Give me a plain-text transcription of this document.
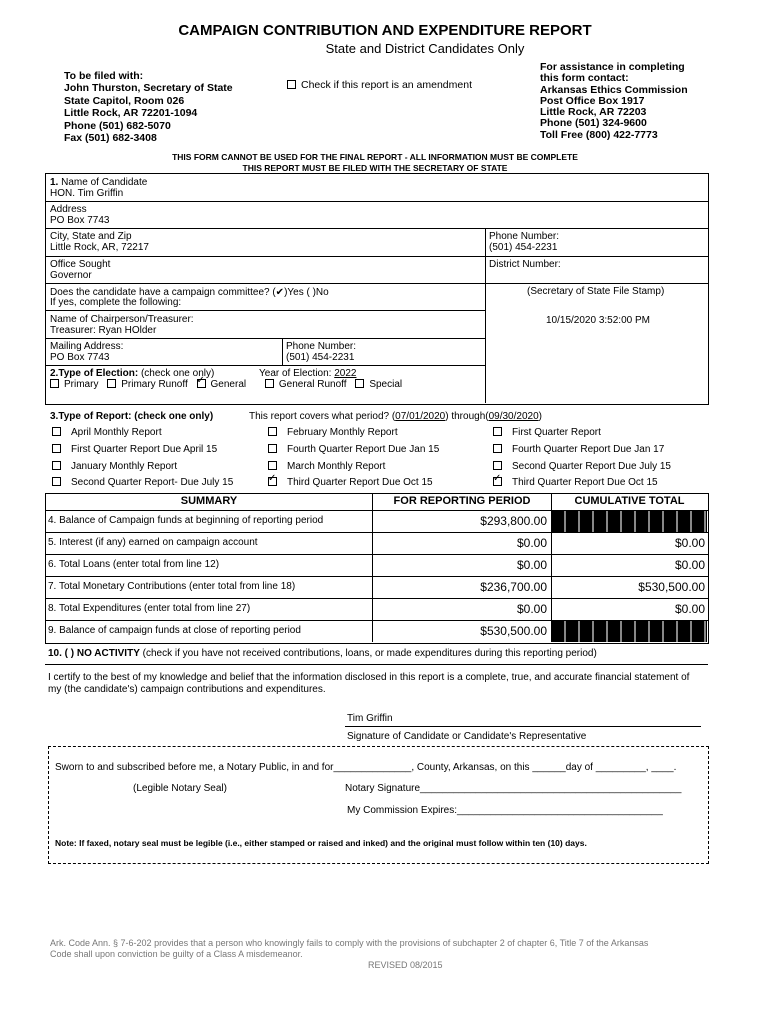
CAMPAIGN CONTRIBUTION AND EXPENDITURE REPORT
State and District Candidates Only
To be filed with:
John Thurston, Secretary of State
State Capitol, Room 026
Little Rock, AR 72201-1094
Phone (501) 682-5070
Fax (501) 682-3408
Check if this report is an amendment
For assistance in completing
this form contact:
Arkansas Ethics Commission
Post Office Box 1917
Little Rock, AR 72203
Phone (501) 324-9600
Toll Free (800) 422-7773
THIS FORM CANNOT BE USED FOR THE FINAL REPORT - ALL INFORMATION MUST BE COMPLETE
THIS REPORT MUST BE FILED WITH THE SECRETARY OF STATE
1. Name of Candidate
HON. Tim Griffin
Address
PO Box 7743
City, State and Zip
Little Rock, AR, 72217
Phone Number:
(501) 454-2231
Office Sought
Governor
District Number:
Does the candidate have a campaign committee? (✔)Yes ( )No
If yes, complete the following:
(Secretary of State File Stamp)
10/15/2020 3:52:00 PM
Name of Chairperson/Treasurer:
Treasurer: Ryan HOlder
Mailing Address:
PO Box 7743
Phone Number:
(501) 454-2231
2.Type of Election: (check one only)	Year of Election: 2022
Primary Primary Runoff ✓ General	General Runoff Special
3.Type of Report: (check one only)	This report covers what period? (07/01/2020) through(09/30/2020)
April Monthly Report	February Monthly Report	First Quarter Report
First Quarter Report Due April 15	Fourth Quarter Report Due Jan 15	Fourth Quarter Report Due Jan 17
January Monthly Report	March Monthly Report	Second Quarter Report Due July 15
Second Quarter Report- Due July 15 ✓	Third Quarter Report Due Oct 15 ✓	Third Quarter Report Due Oct 15
SUMMARY	FOR REPORTING PERIOD	CUMULATIVE TOTAL
4. Balance of Campaign funds at beginning of reporting period	$293,800.00
5. Interest (if any) earned on campaign account	$0.00	$0.00
6. Total Loans (enter total from line 12)	$0.00	$0.00
7. Total Monetary Contributions (enter total from line 18)	$236,700.00	$530,500.00
8. Total Expenditures (enter total from line 27)	$0.00	$0.00
9. Balance of campaign funds at close of reporting period	$530,500.00
10. ( ) NO ACTIVITY (check if you have not received contributions, loans, or made expenditures during this reporting period)
I certify to the best of my knowledge and belief that the information disclosed in this report is a complete, true, and accurate financial statement of
my (the candidate's) campaign contributions and expenditures.
Tim Griffin
Signature of Candidate or Candidate's Representative
Sworn to and subscribed before me, a Notary Public, in and for______________, County, Arkansas, on this ______day of _________, ____.
(Legible Notary Seal)	Notary Signature_______________________________________________
My Commission Expires:_____________________________________
Note: If faxed, notary seal must be legible (i.e., either stamped or raised and inked) and the original must follow within ten (10) days.
Ark. Code Ann. § 7-6-202 provides that a person who knowingly fails to comply with the provisions of subchapter 2 of chapter 6, Title 7 of the Arkansas
Code shall upon conviction be guilty of a Class A misdemeanor.
REVISED 08/2015
